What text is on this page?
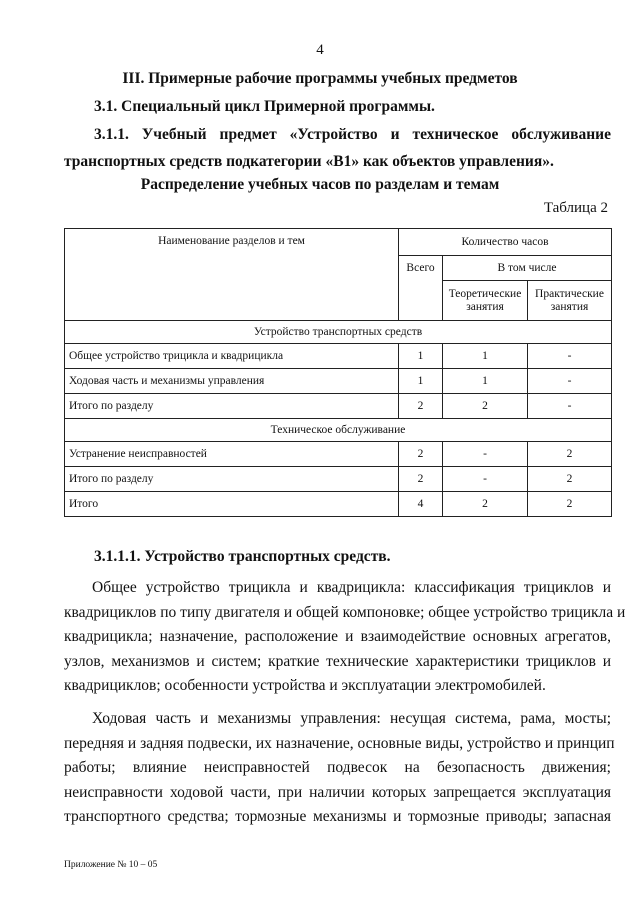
4
III. Примерные рабочие программы учебных предметов
3.1. Специальный цикл Примерной программы.
3.1.1. Учебный предмет «Устройство и техническое обслуживание
транспортных средств подкатегории «B1» как объектов управления».
Распределение учебных часов по разделам и темам
Таблица 2
Наименование разделов и тем	Количество часов		
	Всего	В том числе	
		Теоретические занятия	Практические занятия
Устройство транспортных средств			
Общее устройство трицикла и квадрицикла	1	1	-
Ходовая часть и механизмы управления	1	1	-
Итого по разделу	2	2	-
Техническое обслуживание			
Устранение неисправностей	2	-	2
Итого по разделу	2	-	2
Итого	4	2	2
3.1.1.1. Устройство транспортных средств.
Общее устройство трицикла и квадрицикла: классификация трициклов и
квадрициклов по типу двигателя и общей компоновке; общее устройство трицикла и
квадрицикла; назначение, расположение и взаимодействие основных агрегатов,
узлов, механизмов и систем; краткие технические характеристики трициклов и
квадрициклов; особенности устройства и эксплуатации электромобилей.
Ходовая часть и механизмы управления: несущая система, рама, мосты;
передняя и задняя подвески, их назначение, основные виды, устройство и принцип
работы; влияние неисправностей подвесок на безопасность движения;
неисправности ходовой части, при наличии которых запрещается эксплуатация
транспортного средства; тормозные механизмы и тормозные приводы; запасная
Приложение № 10 – 05
